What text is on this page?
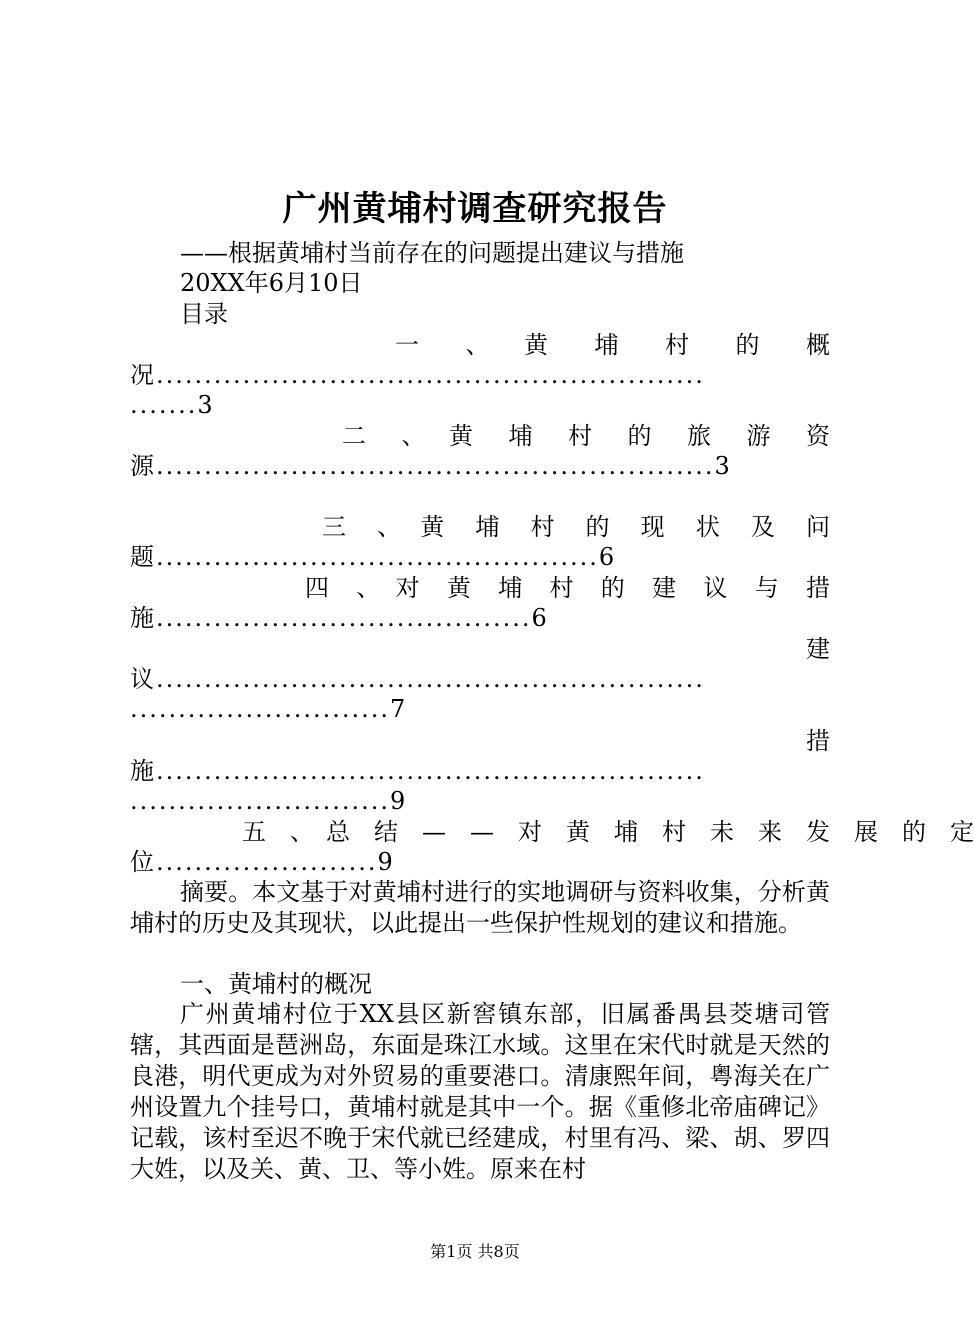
广州黄埔村调查研究报告
——根据黄埔村当前存在的问题提出建议与措施
20XX年6月10日
目录
一　、　黄　埔　村　的　概
况.........................................................
.......3
二　、　黄　埔　村　的　旅　游　资
源..........................................................3
三　、　黄　埔　村　的　现　状　及　问
题..............................................6
四　、　对　黄　埔　村　的　建　议　与　措
施.......................................6
建
议.........................................................
...........................7
措
施.........................................................
...........................9
五　、　总　结　—　—　对　黄　埔　村　未　来　发　展　的　定
位.......................9
摘要。本文基于对黄埔村进行的实地调研与资料收集，分析黄埔村的历史及其现状，以此提出一些保护性规划的建议和措施。
一、黄埔村的概况
广州黄埔村位于XX县区新窖镇东部，旧属番禺县茭塘司管辖，其西面是琶洲岛，东面是珠江水域。这里在宋代时就是天然的良港，明代更成为对外贸易的重要港口。清康熙年间，粤海关在广州设置九个挂号口，黄埔村就是其中一个。据《重修北帝庙碑记》记载，该村至迟不晚于宋代就已经建成，村里有冯、梁、胡、罗四大姓，以及关、黄、卫、等小姓。原来在村
第1页 共8页
